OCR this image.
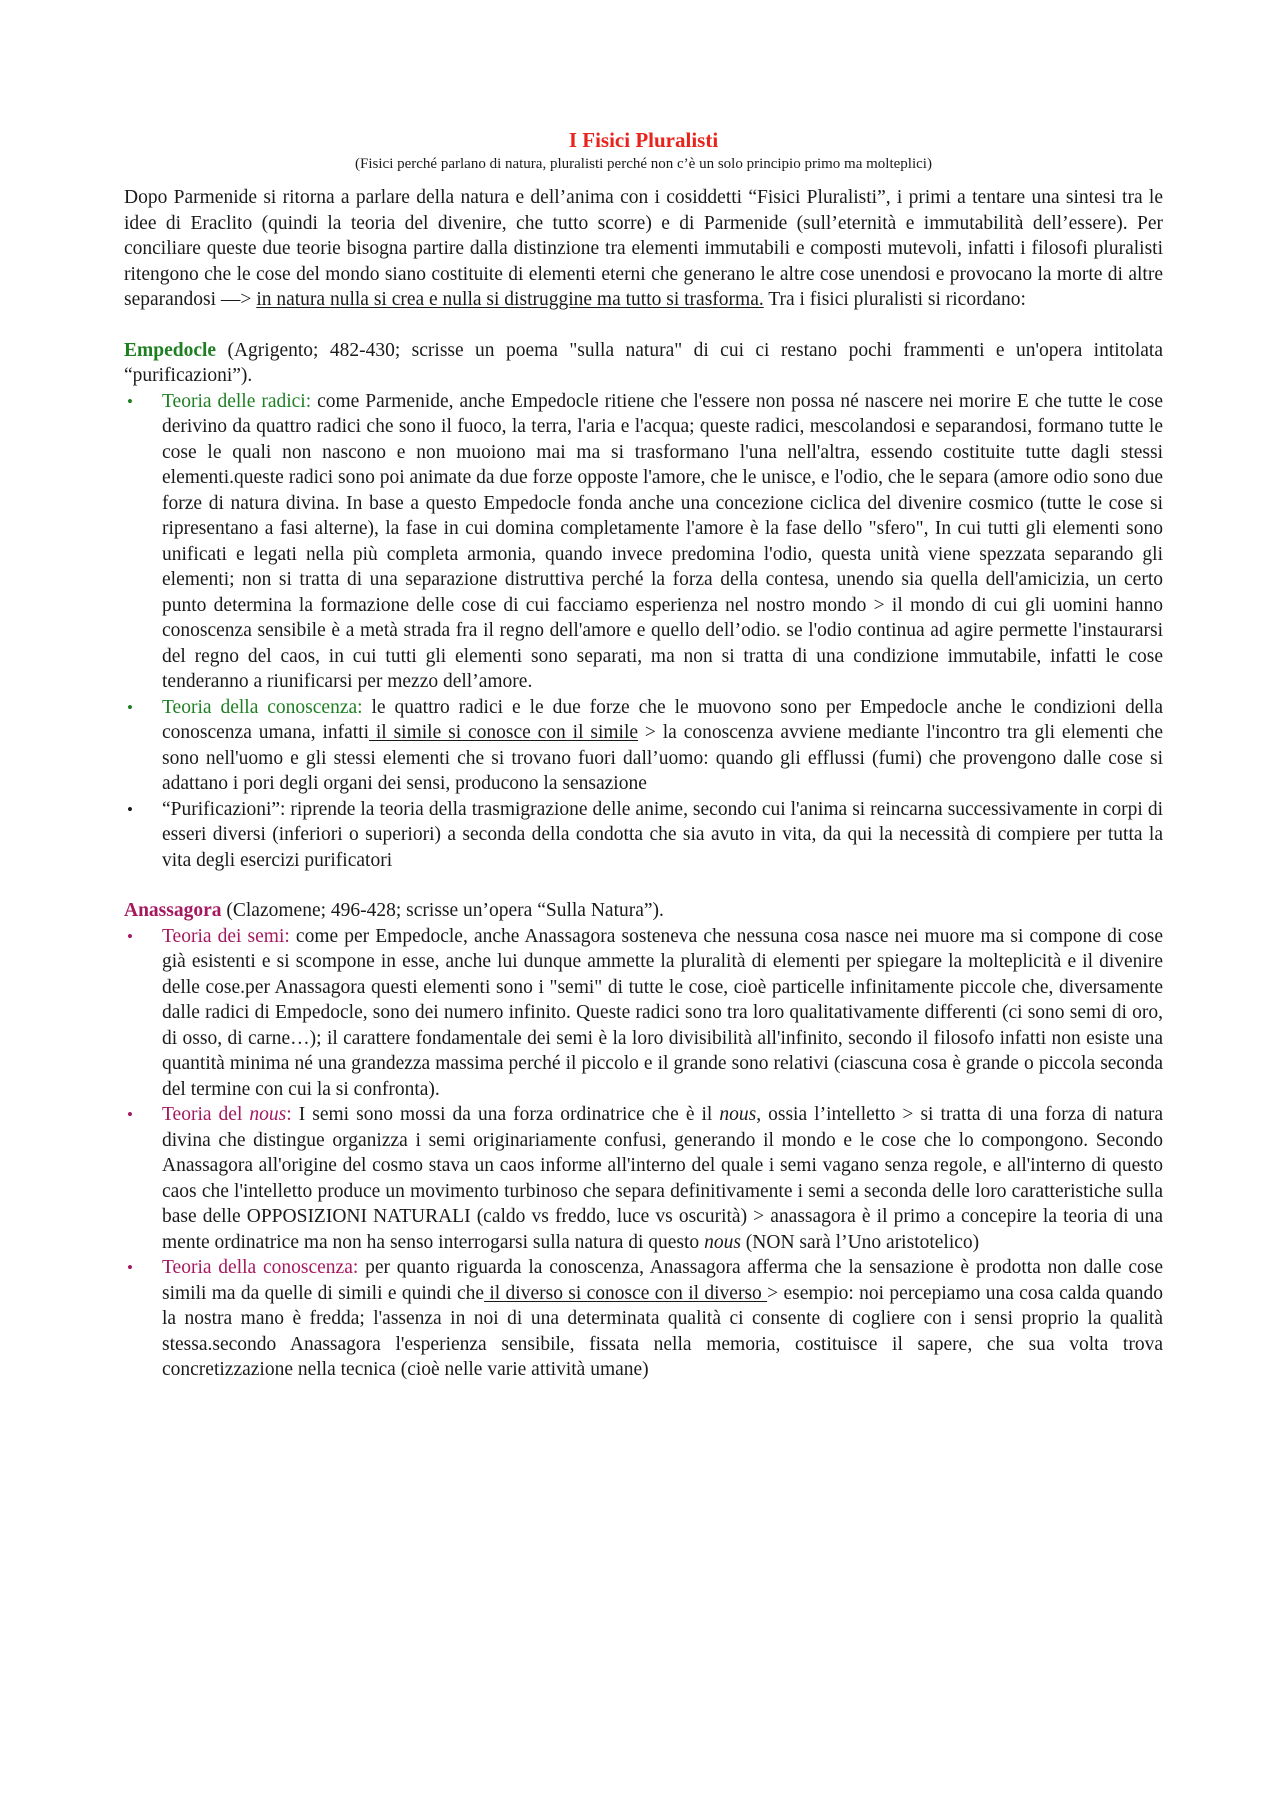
I Fisici Pluralisti

(Fisici perché parlano di natura, pluralisti perché non c’è un solo principio primo ma molteplici)

Dopo Parmenide si ritorna a parlare della natura e dell’anima con i cosiddetti “Fisici Pluralisti”, i primi a tentare una sintesi tra le idee di Eraclito (quindi la teoria del divenire, che tutto scorre) e di Parmenide (sull’eternità e immutabilità dell’essere). Per conciliare queste due teorie bisogna partire dalla distinzione tra elementi immutabili e composti mutevoli, infatti i filosofi pluralisti ritengono che le cose del mondo siano costituite di elementi eterni che generano le altre cose unendosi e provocano la morte di altre separandosi —> in natura nulla si crea e nulla si distruggine ma tutto si trasforma. Tra i fisici pluralisti si ricordano:

Empedocle (Agrigento; 482-430; scrisse un poema "sulla natura" di cui ci restano pochi frammenti e un'opera intitolata “purificazioni”).

• Teoria delle radici: come Parmenide, anche Empedocle ritiene che l'essere non possa né nascere nei morire E che tutte le cose derivino da quattro radici che sono il fuoco, la terra, l'aria e l'acqua; queste radici, mescolandosi e separandosi, formano tutte le cose le quali non nascono e non muoiono mai ma si trasformano l'una nell'altra, essendo costituite tutte dagli stessi elementi.queste radici sono poi animate da due forze opposte l'amore, che le unisce, e l'odio, che le separa (amore odio sono due forze di natura divina. In base a questo Empedocle fonda anche una concezione ciclica del divenire cosmico (tutte le cose si ripresentano a fasi alterne), la fase in cui domina completamente l'amore è la fase dello "sfero", In cui tutti gli elementi sono unificati e legati nella più completa armonia, quando invece predomina l'odio, questa unità viene spezzata separando gli elementi; non si tratta di una separazione distruttiva perché la forza della contesa, unendo sia quella dell'amicizia, un certo punto determina la formazione delle cose di cui facciamo esperienza nel nostro mondo > il mondo di cui gli uomini hanno conoscenza sensibile è a metà strada fra il regno dell'amore e quello dell’odio. se l'odio continua ad agire permette l'instaurarsi del regno del caos, in cui tutti gli elementi sono separati, ma non si tratta di una condizione immutabile, infatti le cose tenderanno a riunificarsi per mezzo dell’amore.
• Teoria della conoscenza: le quattro radici e le due forze che le muovono sono per Empedocle anche le condizioni della conoscenza umana, infatti il simile si conosce con il simile > la conoscenza avviene mediante l'incontro tra gli elementi che sono nell'uomo e gli stessi elementi che si trovano fuori dall’uomo: quando gli efflussi (fumi) che provengono dalle cose si adattano i pori degli organi dei sensi, producono la sensazione
• “Purificazioni”: riprende la teoria della trasmigrazione delle anime, secondo cui l'anima si reincarna successivamente in corpi di esseri diversi (inferiori o superiori) a seconda della condotta che sia avuto in vita, da qui la necessità di compiere per tutta la vita degli esercizi purificatori

Anassagora (Clazomene; 496-428; scrisse un’opera “Sulla Natura”).

• Teoria dei semi: come per Empedocle, anche Anassagora sosteneva che nessuna cosa nasce nei muore ma si compone di cose già esistenti e si scompone in esse, anche lui dunque ammette la pluralità di elementi per spiegare la molteplicità e il divenire delle cose.per Anassagora questi elementi sono i "semi" di tutte le cose, cioè particelle infinitamente piccole che, diversamente dalle radici di Empedocle, sono dei numero infinito. Queste radici sono tra loro qualitativamente differenti (ci sono semi di oro, di osso, di carne…); il carattere fondamentale dei semi è la loro divisibilità all'infinito, secondo il filosofo infatti non esiste una quantità minima né una grandezza massima perché il piccolo e il grande sono relativi (ciascuna cosa è grande o piccola seconda del termine con cui la si confronta).
• Teoria del nous: I semi sono mossi da una forza ordinatrice che è il nous, ossia l’intelletto > si tratta di una forza di natura divina che distingue organizza i semi originariamente confusi, generando il mondo e le cose che lo compongono. Secondo Anassagora all'origine del cosmo stava un caos informe all'interno del quale i semi vagano senza regole, e all'interno di questo caos che l'intelletto produce un movimento turbinoso che separa definitivamente i semi a seconda delle loro caratteristiche sulla base delle OPPOSIZIONI NATURALI (caldo vs freddo, luce vs oscurità) > anassagora è il primo a concepire la teoria di una mente ordinatrice ma non ha senso interrogarsi sulla natura di questo nous (NON sarà l’Uno aristotelico)
• Teoria della conoscenza: per quanto riguarda la conoscenza, Anassagora afferma che la sensazione è prodotta non dalle cose simili ma da quelle di simili e quindi che il diverso si conosce con il diverso > esempio: noi percepiamo una cosa calda quando la nostra mano è fredda; l'assenza in noi di una determinata qualità ci consente di cogliere con i sensi proprio la qualità stessa.secondo Anassagora l'esperienza sensibile, fissata nella memoria, costituisce il sapere, che sua volta trova concretizzazione nella tecnica (cioè nelle varie attività umane)
